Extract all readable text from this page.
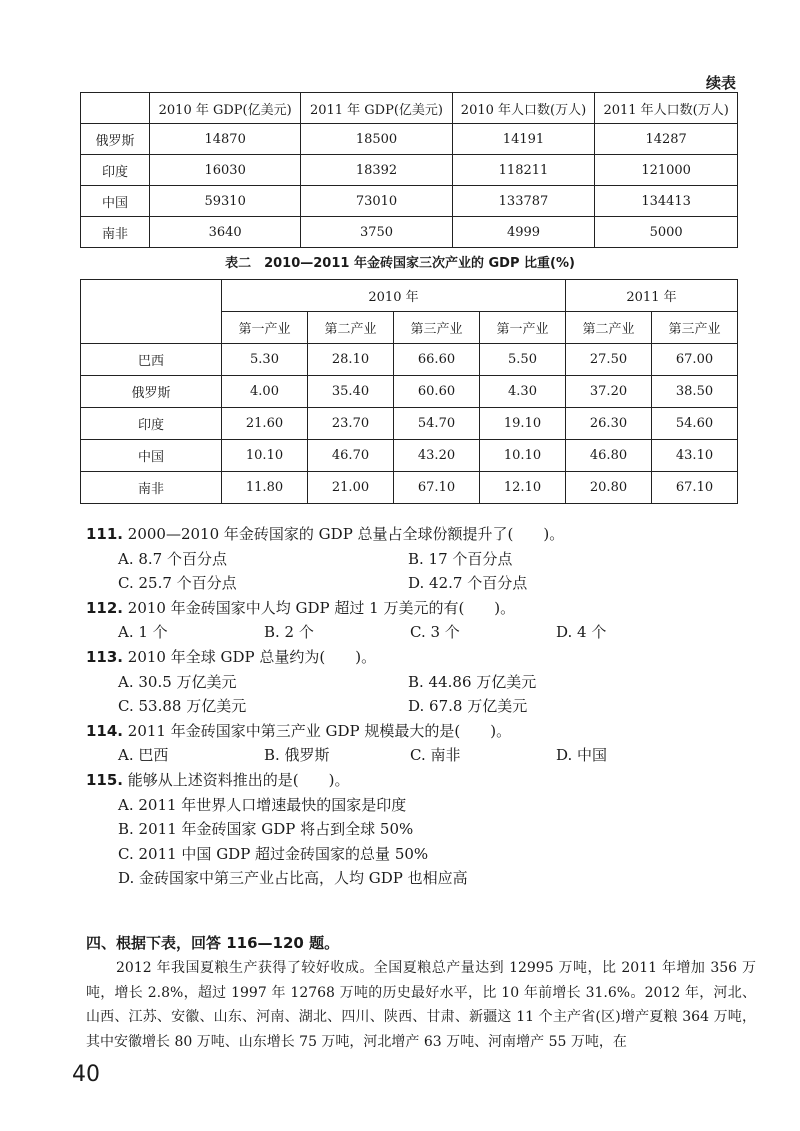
续表
	2010 年 GDP(亿美元)	2011 年 GDP(亿美元)	2010 年人口数(万人)	2011 年人口数(万人)
俄罗斯	14870	18500	14191	14287
印度	16030	18392	118211	121000
中国	59310	73010	133787	134413
南非	3640	3750	4999	5000
表二　2010—2011 年金砖国家三次产业的 GDP 比重(%)
	2010 年				2011 年	
	第一产业	第二产业	第三产业	第一产业	第二产业	第三产业
巴西	5.30	28.10	66.60	5.50	27.50	67.00
俄罗斯	4.00	35.40	60.60	4.30	37.20	38.50
印度	21.60	23.70	54.70	19.10	26.30	54.60
中国	10.10	46.70	43.20	10.10	46.80	43.10
南非	11.80	21.00	67.10	12.10	20.80	67.10

111. 2000—2010 年金砖国家的 GDP 总量占全球份额提升了(　　)。

A. 8.7 个百分点	B. 17 个百分点
C. 25.7 个百分点	D. 42.7 个百分点

112. 2010 年金砖国家中人均 GDP 超过 1 万美元的有(　　)。

A. 1 个	B. 2 个	C. 3 个	D. 4 个

113. 2010 年全球 GDP 总量约为(　　)。

A. 30.5 万亿美元	B. 44.86 万亿美元
C. 53.88 万亿美元	D. 67.8 万亿美元

114. 2011 年金砖国家中第三产业 GDP 规模最大的是(　　)。

A. 巴西	B. 俄罗斯	C. 南非	D. 中国

115. 能够从上述资料推出的是(　　)。

A. 2011 年世界人口增速最快的国家是印度
B. 2011 年金砖国家 GDP 将占到全球 50%
C. 2011 中国 GDP 超过金砖国家的总量 50%
D. 金砖国家中第三产业占比高，人均 GDP 也相应高
四、根据下表，回答 116—120 题。
2012 年我国夏粮生产获得了较好收成。全国夏粮总产量达到 12995 万吨，比 2011 年增加 356 万吨，增长 2.8%，超过 1997 年 12768 万吨的历史最好水平，比 10 年前增长 31.6%。2012 年，河北、山西、江苏、安徽、山东、河南、湖北、四川、陕西、甘肃、新疆这 11 个主产省(区)增产夏粮 364 万吨，其中安徽增长 80 万吨、山东增长 75 万吨，河北增产 63 万吨、河南增产 55 万吨，在
40
